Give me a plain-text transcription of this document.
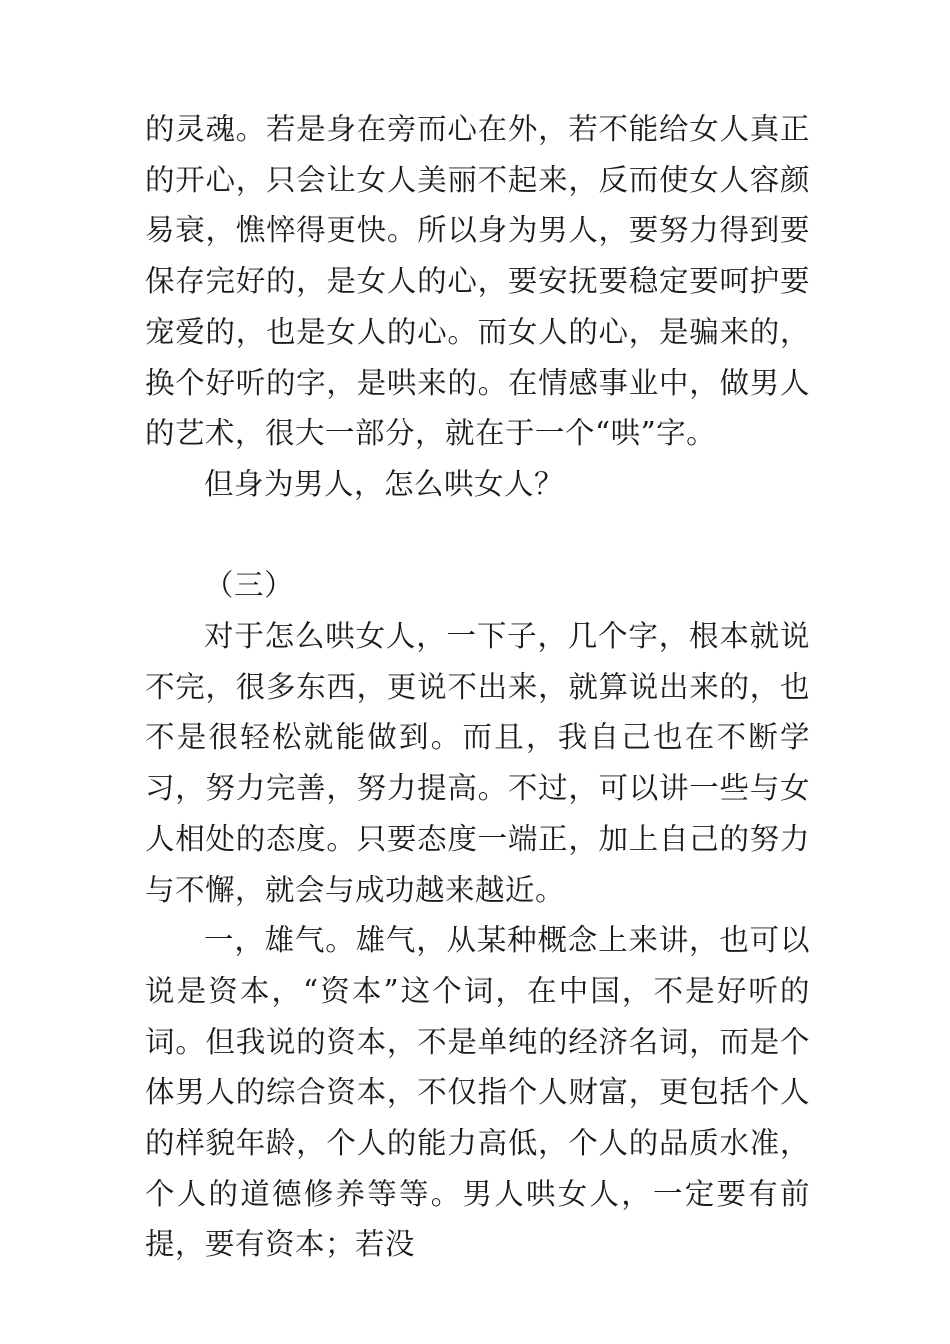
的灵魂。若是身在旁而心在外，若不能给女人真正的开心，只会让女人美丽不起来，反而使女人容颜易衰，憔悴得更快。所以身为男人，要努力得到要保存完好的，是女人的心，要安抚要稳定要呵护要宠爱的，也是女人的心。而女人的心，是骗来的，换个好听的字，是哄来的。在情感事业中，做男人的艺术，很大一部分，就在于一个“哄”字。

但身为男人，怎么哄女人？

（三）

对于怎么哄女人，一下子，几个字，根本就说不完，很多东西，更说不出来，就算说出来的，也不是很轻松就能做到。而且，我自己也在不断学习，努力完善，努力提高。不过，可以讲一些与女人相处的态度。只要态度一端正，加上自己的努力与不懈，就会与成功越来越近。

一，雄气。雄气，从某种概念上来讲，也可以说是资本，“资本”这个词，在中国，不是好听的词。但我说的资本，不是单纯的经济名词，而是个体男人的综合资本，不仅指个人财富，更包括个人的样貌年龄，个人的能力高低，个人的品质水准，个人的道德修养等等。男人哄女人，一定要有前提，要有资本；若没
